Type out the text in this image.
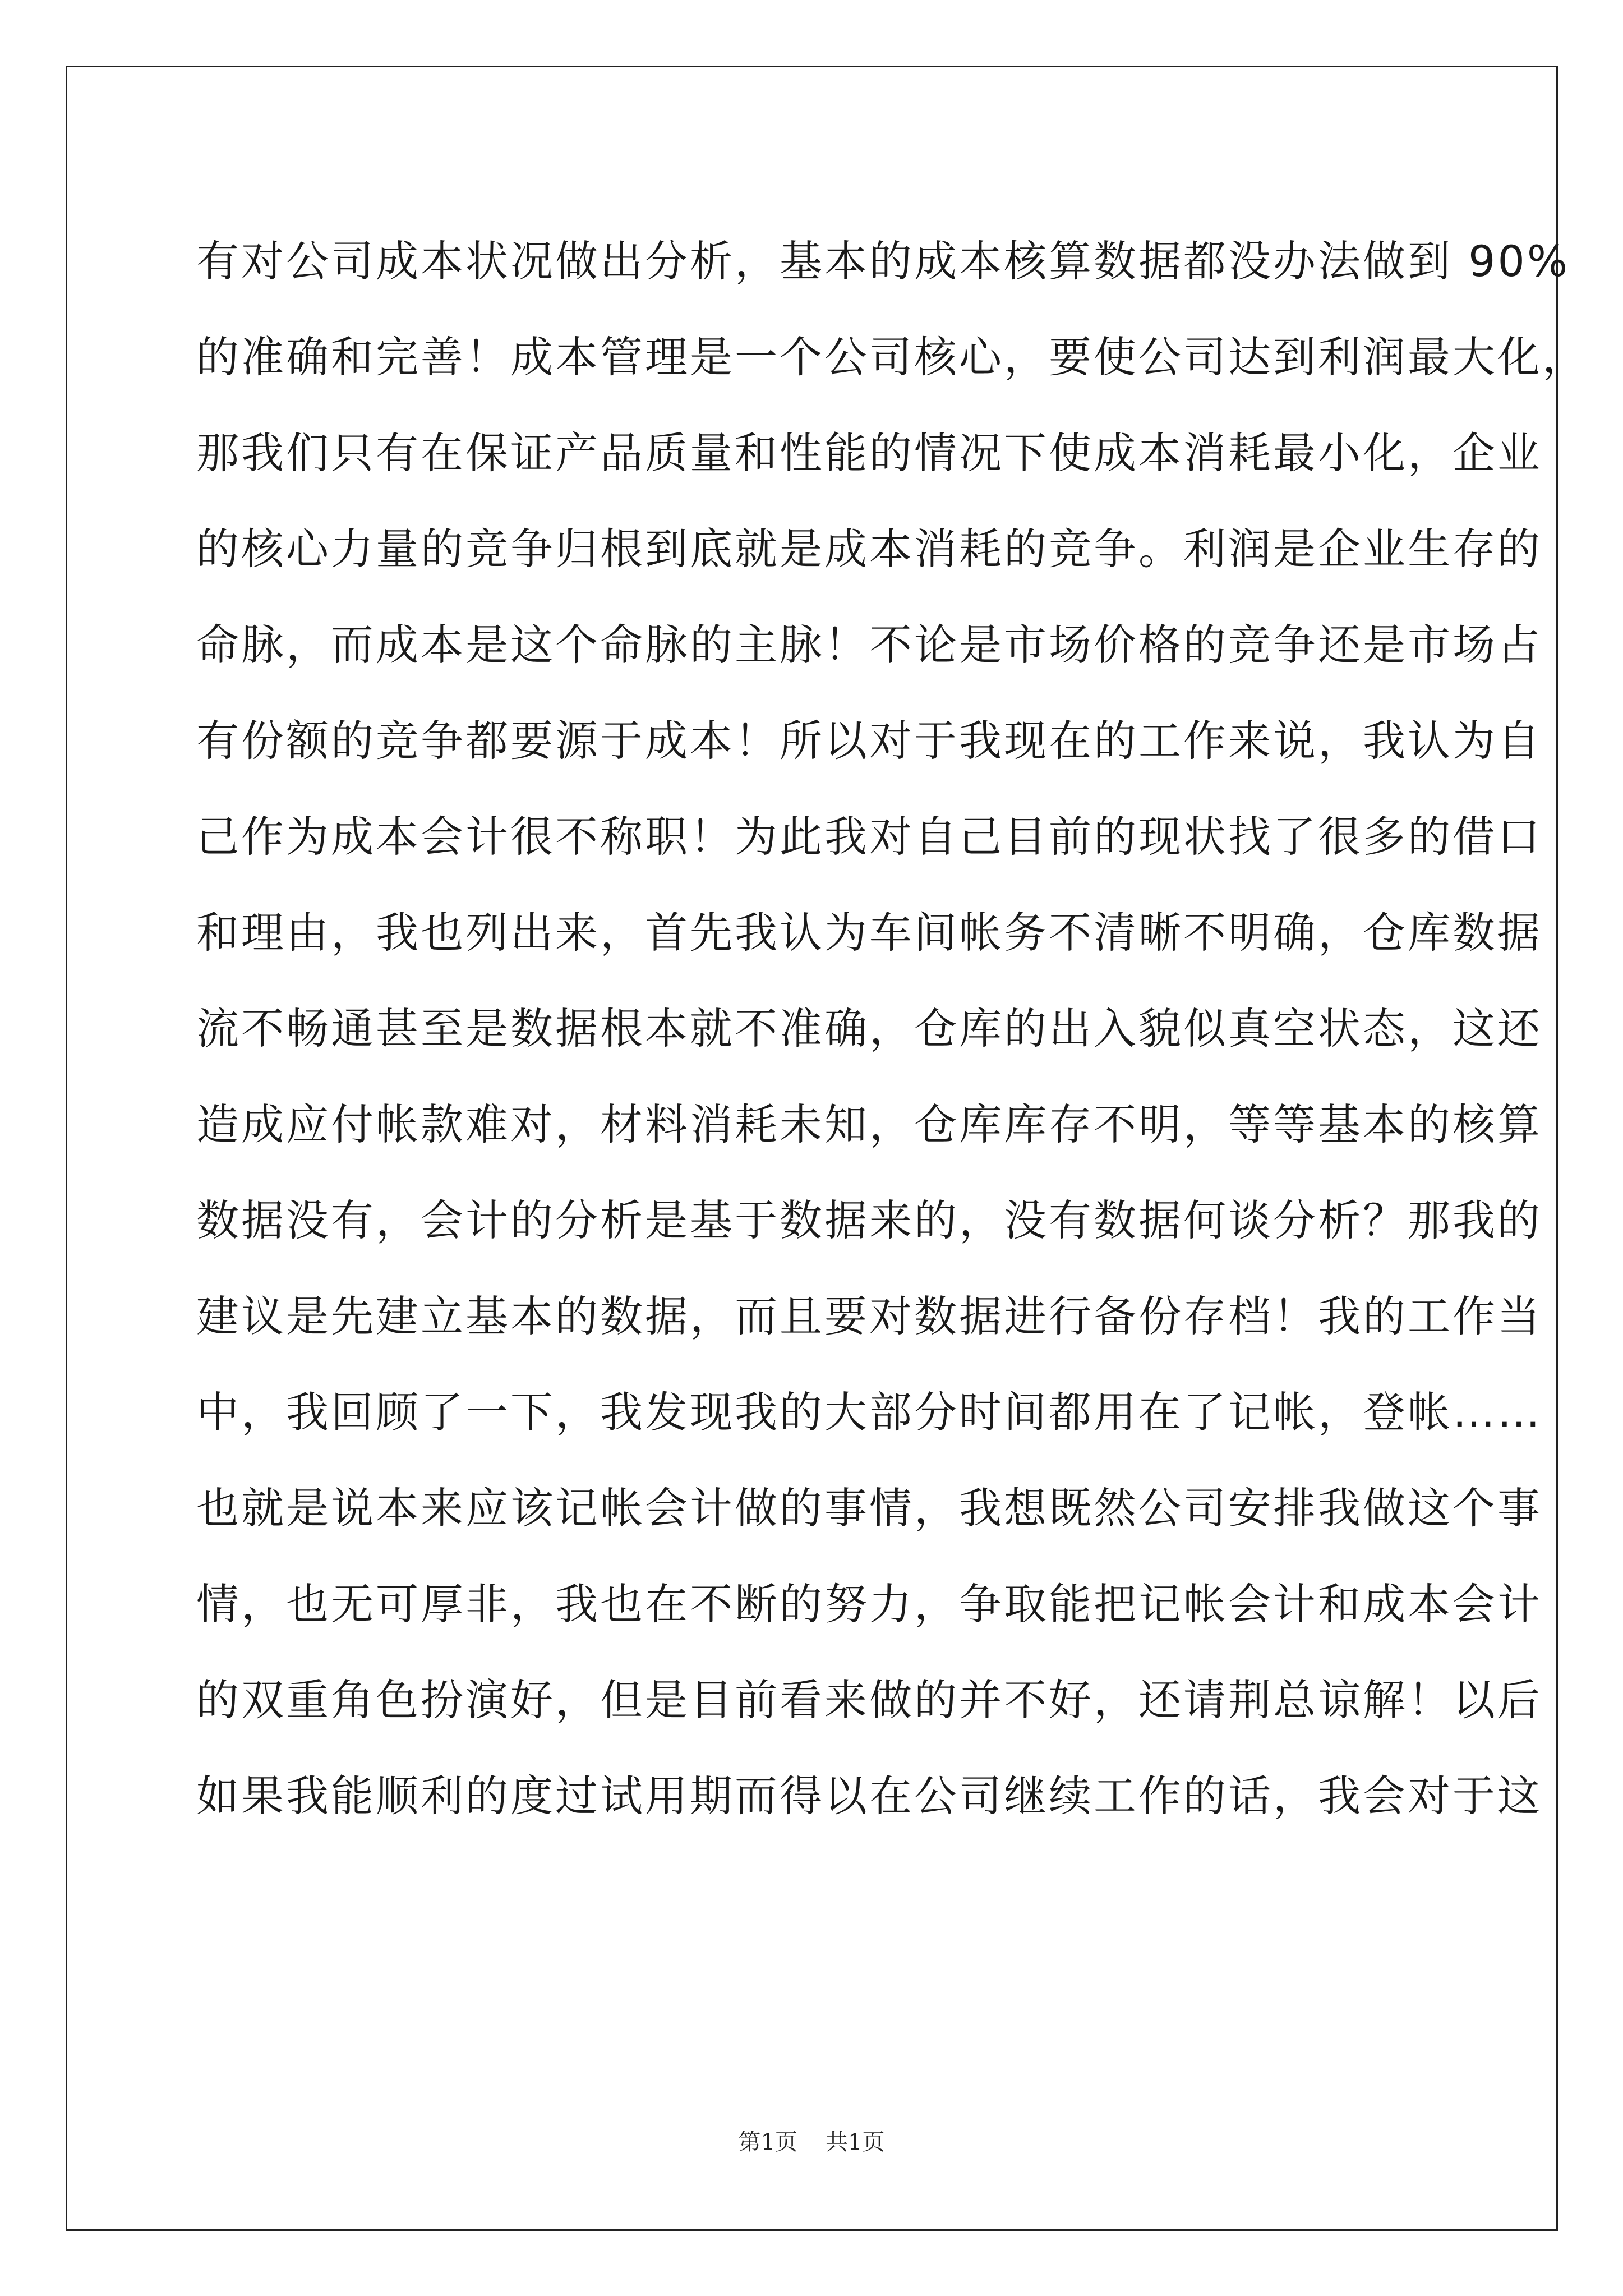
有对公司成本状况做出分析，基本的成本核算数据都没办法做到 90%
的准确和完善！成本管理是一个公司核心，要使公司达到利润最大化，
那我们只有在保证产品质量和性能的情况下使成本消耗最小化，企业
的核心力量的竞争归根到底就是成本消耗的竞争。利润是企业生存的
命脉，而成本是这个命脉的主脉！不论是市场价格的竞争还是市场占
有份额的竞争都要源于成本！所以对于我现在的工作来说，我认为自
己作为成本会计很不称职！为此我对自己目前的现状找了很多的借口
和理由，我也列出来，首先我认为车间帐务不清晰不明确，仓库数据
流不畅通甚至是数据根本就不准确，仓库的出入貌似真空状态，这还
造成应付帐款难对，材料消耗未知，仓库库存不明，等等基本的核算
数据没有，会计的分析是基于数据来的，没有数据何谈分析？那我的
建议是先建立基本的数据，而且要对数据进行备份存档！我的工作当
中，我回顾了一下，我发现我的大部分时间都用在了记帐，登帐……
也就是说本来应该记帐会计做的事情，我想既然公司安排我做这个事
情，也无可厚非，我也在不断的努力，争取能把记帐会计和成本会计
的双重角色扮演好，但是目前看来做的并不好，还请荆总谅解！以后
如果我能顺利的度过试用期而得以在公司继续工作的话，我会对于这
第1页 共1页
